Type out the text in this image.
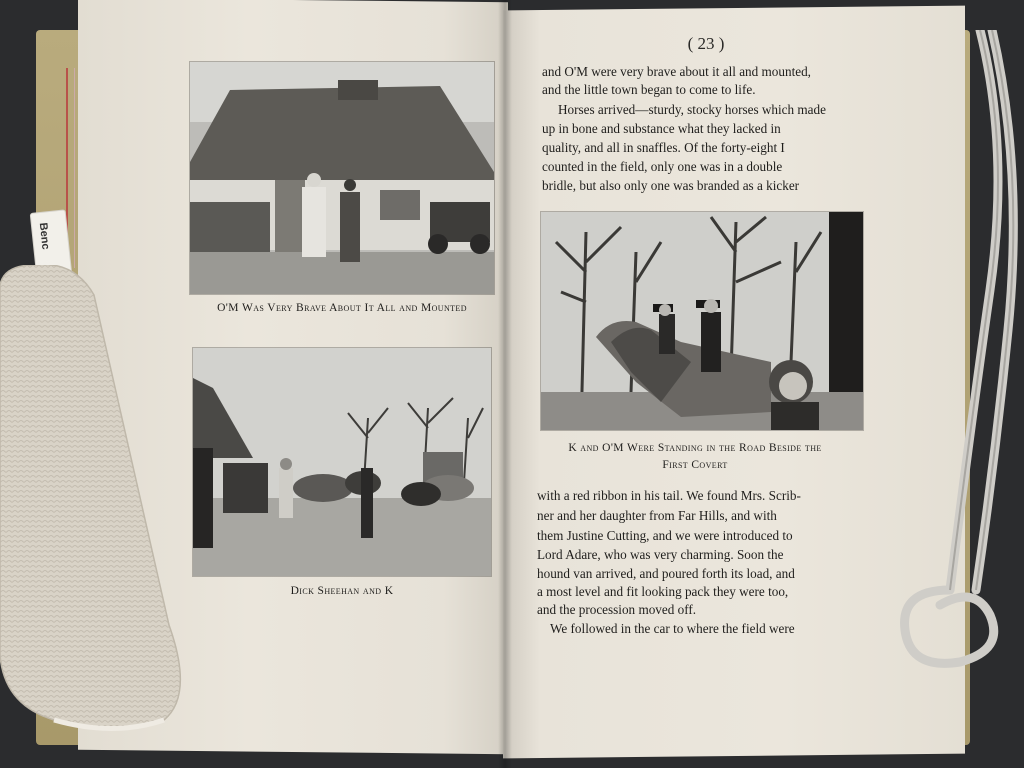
O'M Was Very Brave About It All and Mounted
Dick Sheehan and K
( 23 )
and O'M were very brave about it all and mounted,
and the little town began to come to life.
Horses arrived—sturdy, stocky horses which made
up in bone and substance what they lacked in
quality, and all in snaffles. Of the forty-eight I
counted in the field, only one was in a double
bridle, but also only one was branded as a kicker
K and O'M Were Standing in the Road Beside the
First Covert
with a red ribbon in his tail. We found Mrs. Scrib-
ner and her daughter from Far Hills, and with
them Justine Cutting, and we were introduced to
Lord Adare, who was very charming. Soon the
hound van arrived, and poured forth its load, and
a most level and fit looking pack they were too,
and the procession moved off.
We followed in the car to where the field were
Benc
